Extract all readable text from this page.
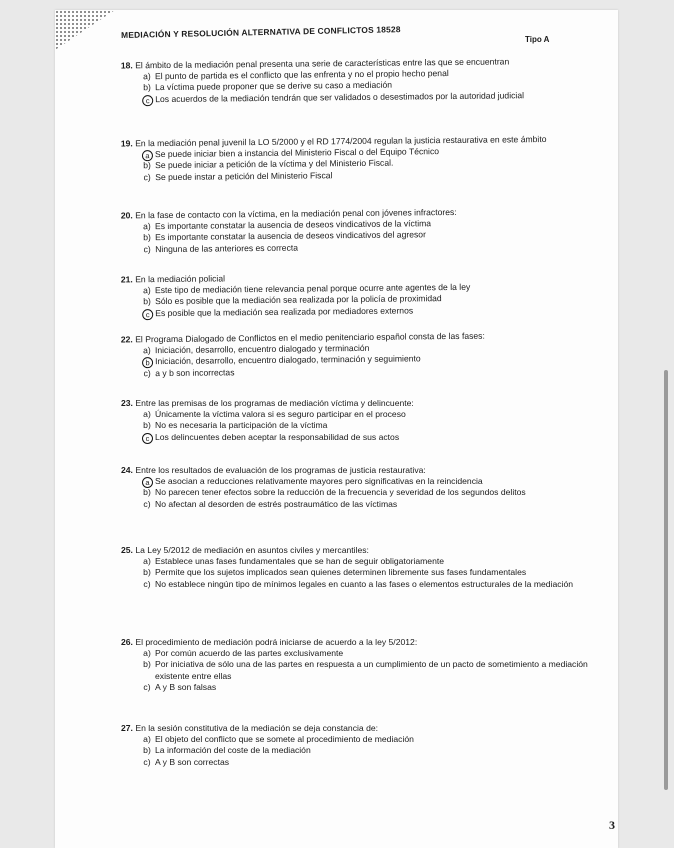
MEDIACIÓN Y RESOLUCIÓN ALTERNATIVA DE CONFLICTOS 18528	Tipo A
18. El ámbito de la mediación penal presenta una serie de características entre las que se encuentran
a) El punto de partida es el conflicto que las enfrenta y no el propio hecho penal
b) La víctima puede proponer que se derive su caso a mediación
c Los acuerdos de la mediación tendrán que ser validados o desestimados por la autoridad judicial
19. En la mediación penal juvenil la LO 5/2000 y el RD 1774/2004 regulan la justicia restaurativa en este ámbito
a Se puede iniciar bien a instancia del Ministerio Fiscal o del Equipo Técnico
b) Se puede iniciar a petición de la víctima y del Ministerio Fiscal.
c) Se puede instar a petición del Ministerio Fiscal
20. En la fase de contacto con la víctima, en la mediación penal con jóvenes infractores:
a) Es importante constatar la ausencia de deseos vindicativos de la víctima
b) Es importante constatar la ausencia de deseos vindicativos del agresor
c) Ninguna de las anteriores es correcta
21. En la mediación policial
a) Este tipo de mediación tiene relevancia penal porque ocurre ante agentes de la ley
b) Sólo es posible que la mediación sea realizada por la policía de proximidad
c Es posible que la mediación sea realizada por mediadores externos
22. El Programa Dialogado de Conflictos en el medio penitenciario español consta de las fases:
a) Iniciación, desarrollo, encuentro dialogado y terminación
b Iniciación, desarrollo, encuentro dialogado, terminación y seguimiento
c) a y b son incorrectas
23. Entre las premisas de los programas de mediación víctima y delincuente:
a) Únicamente la víctima valora si es seguro participar en el proceso
b) No es necesaria la participación de la víctima
c Los delincuentes deben aceptar la responsabilidad de sus actos
24. Entre los resultados de evaluación de los programas de justicia restaurativa:
a Se asocian a reducciones relativamente mayores pero significativas en la reincidencia
b) No parecen tener efectos sobre la reducción de la frecuencia y severidad de los segundos delitos
c) No afectan al desorden de estrés postraumático de las víctimas
25. La Ley 5/2012 de mediación en asuntos civiles y mercantiles:
a) Establece unas fases fundamentales que se han de seguir obligatoriamente
b) Permite que los sujetos implicados sean quienes determinen libremente sus fases fundamentales
c) No establece ningún tipo de mínimos legales en cuanto a las fases o elementos estructurales de la mediación
26. El procedimiento de mediación podrá iniciarse de acuerdo a la ley 5/2012:
a) Por común acuerdo de las partes exclusivamente
b) Por iniciativa de sólo una de las partes en respuesta a un cumplimiento de un pacto de sometimiento a mediación existente entre ellas
c) A y B son falsas
27. En la sesión constitutiva de la mediación se deja constancia de:
a) El objeto del conflicto que se somete al procedimiento de mediación
b) La información del coste de la mediación
c) A y B son correctas
3
